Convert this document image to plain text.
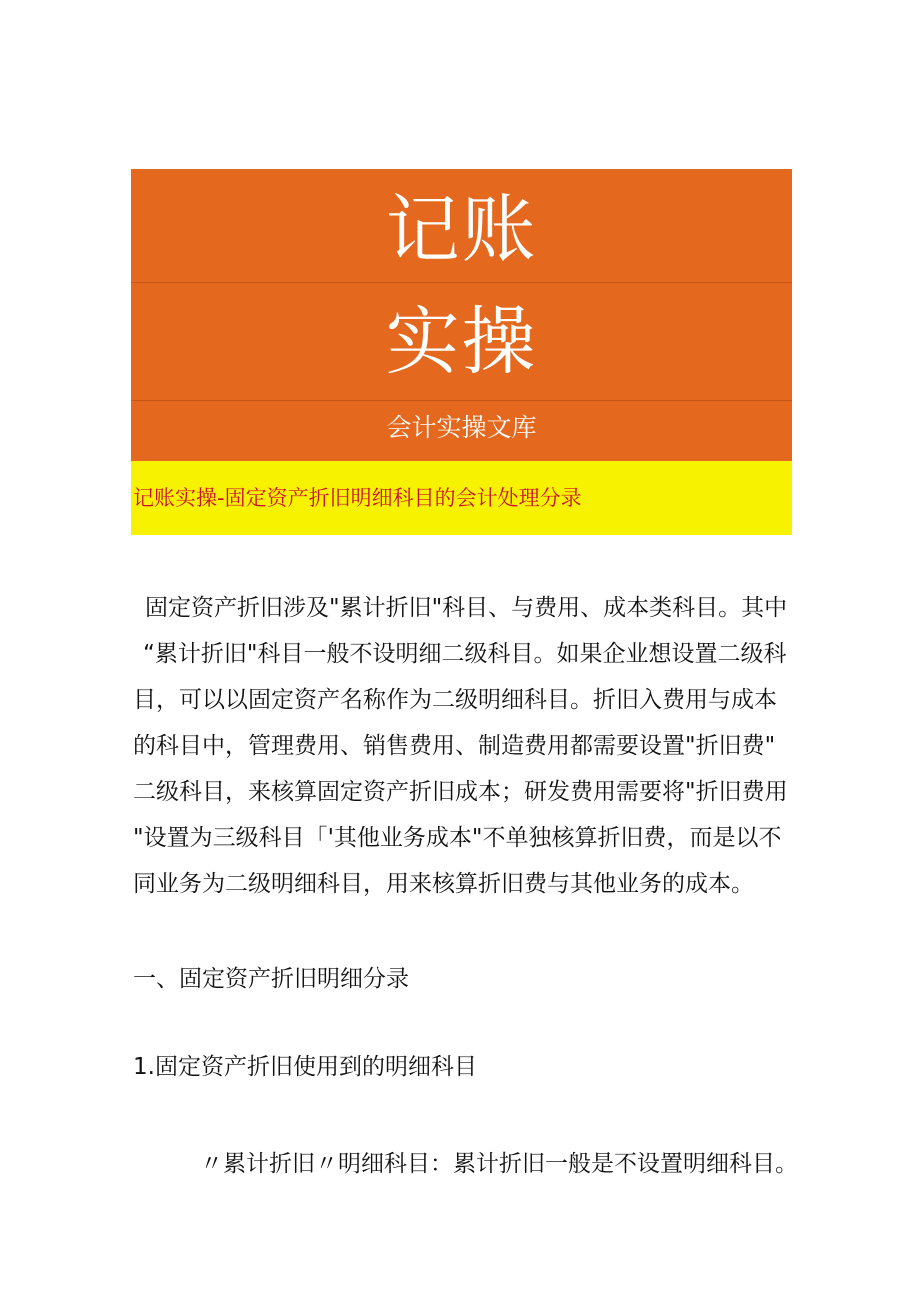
记账
实操
会计实操文库
记账实操-固定资产折旧明细科目的会计处理分录
固定资产折旧涉及"累计折旧"科目、与费用、成本类科目。其中
“累计折旧"科目一般不设明细二级科目。如果企业想设置二级科
目，可以以固定资产名称作为二级明细科目。折旧入费用与成本
的科目中，管理费用、销售费用、制造费用都需要设置"折旧费"
二级科目，来核算固定资产折旧成本；研发费用需要将"折旧费用
"设置为三级科目「'其他业务成本"不单独核算折旧费，而是以不
同业务为二级明细科目，用来核算折旧费与其他业务的成本。
一、固定资产折旧明细分录
1.固定资产折旧使用到的明细科目
〃累计折旧〃明细科目：累计折旧一般是不设置明细科目。
